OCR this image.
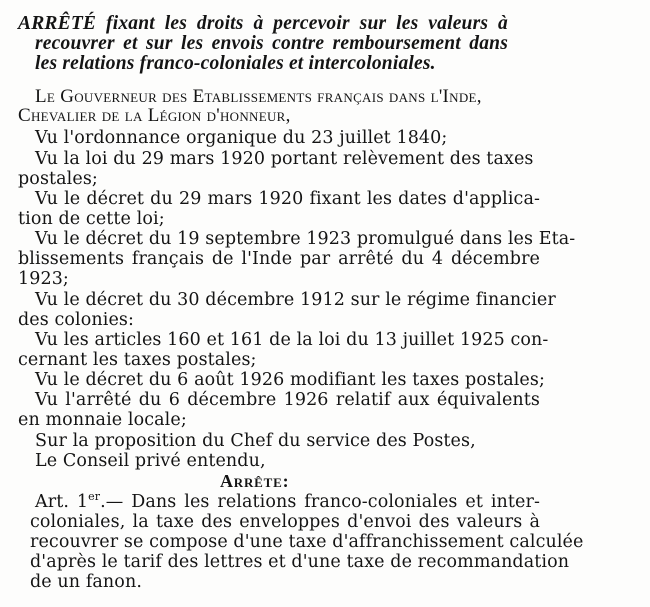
ARRÊTÉ fixant les droits à percevoir sur les valeurs à
recouvrer et sur les envois contre remboursement dans
les relations franco-coloniales et intercoloniales.
Le Gouverneur des Etablissements français dans l'Inde,
Chevalier de la Légion d'honneur,
Vu l'ordonnance organique du 23 juillet 1840;
Vu la loi du 29 mars 1920 portant relèvement des taxes
postales;
Vu le décret du 29 mars 1920 fixant les dates d'applica-
tion de cette loi;
Vu le décret du 19 septembre 1923 promulgué dans les Eta-
blissements français de l'Inde par arrêté du 4 décembre
1923;
Vu le décret du 30 décembre 1912 sur le régime financier
des colonies:
Vu les articles 160 et 161 de la loi du 13 juillet 1925 con-
cernant les taxes postales;
Vu le décret du 6 août 1926 modifiant les taxes postales;
Vu l'arrêté du 6 décembre 1926 relatif aux équivalents
en monnaie locale;
Sur la proposition du Chef du service des Postes,
Le Conseil privé entendu,
Arrête:
Art. 1er.— Dans les relations franco-coloniales et inter-
coloniales, la taxe des enveloppes d'envoi des valeurs à
recouvrer se compose d'une taxe d'affranchissement calculée
d'après le tarif des lettres et d'une taxe de recommandation
de un fanon.
